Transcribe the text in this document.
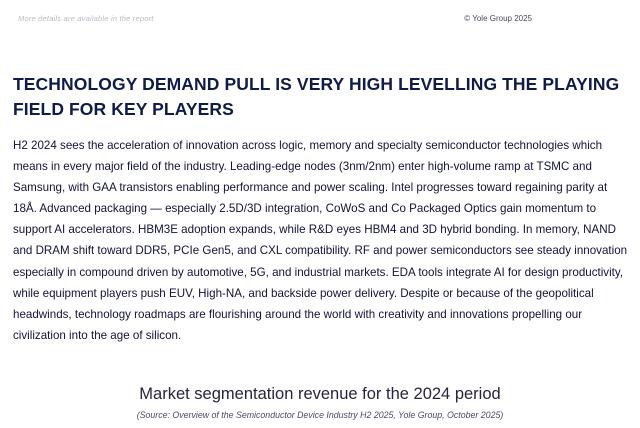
More details are available in the report	© Yole Group 2025
TECHNOLOGY DEMAND PULL IS VERY HIGH LEVELLING THE PLAYING FIELD FOR KEY PLAYERS
H2 2024 sees the acceleration of innovation across logic, memory and specialty semiconductor technologies which means in every major field of the industry. Leading-edge nodes (3nm/2nm) enter high-volume ramp at TSMC and Samsung, with GAA transistors enabling performance and power scaling. Intel progresses toward regaining parity at 18Å. Advanced packaging — especially 2.5D/3D integration, CoWoS and Co Packaged Optics gain momentum to support AI accelerators. HBM3E adoption expands, while R&D eyes HBM4 and 3D hybrid bonding. In memory, NAND and DRAM shift toward DDR5, PCIe Gen5, and CXL compatibility. RF and power semiconductors see steady innovation especially in compound driven by automotive, 5G, and industrial markets. EDA tools integrate AI for design productivity, while equipment players push EUV, High-NA, and backside power delivery. Despite or because of the geopolitical headwinds, technology roadmaps are flourishing around the world with creativity and innovations propelling our civilization into the age of silicon.
Market segmentation revenue for the 2024 period
(Source: Overview of the Semiconductor Device Industry H2 2025, Yole Group, October 2025)
